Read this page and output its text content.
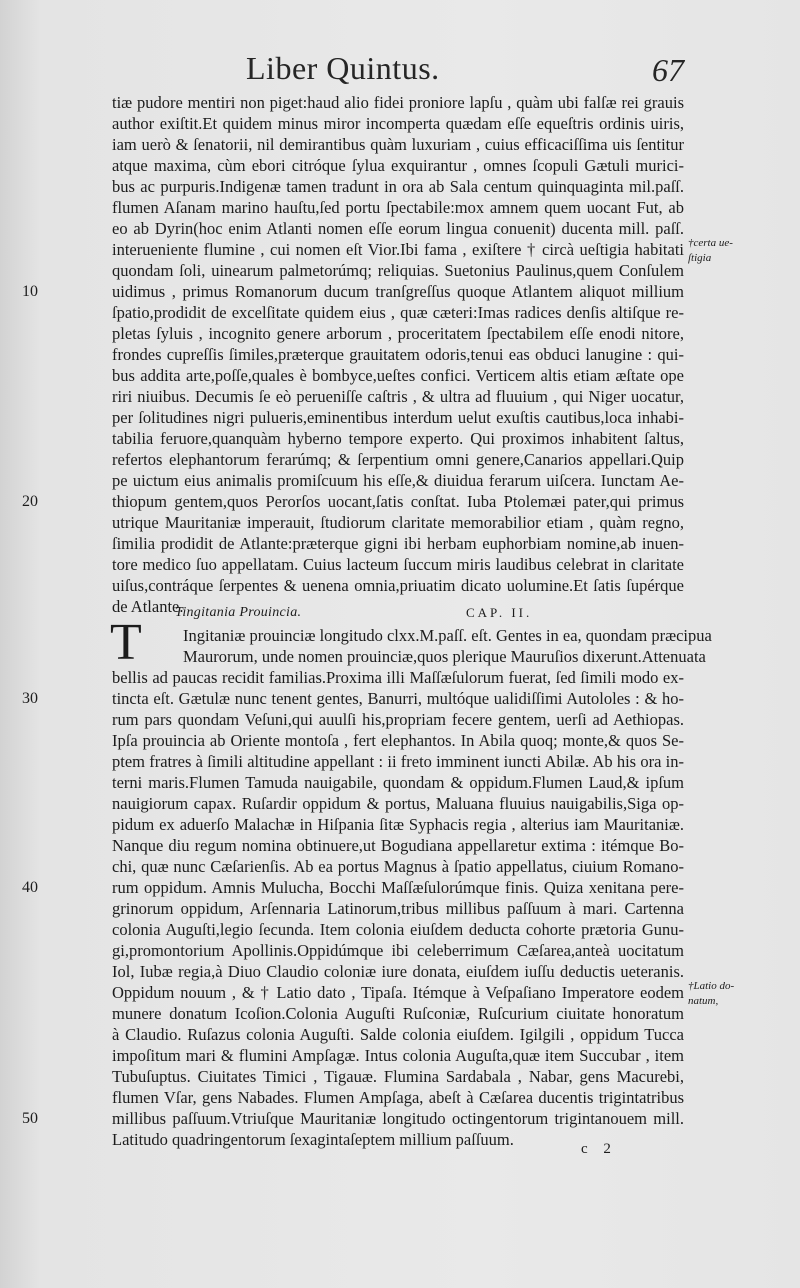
Liber Quintus.	67
tiæ pudore mentiri non piget:haud alio fidei proniore lapſu , quàm ubi falſæ rei grauis
author exiſtit.Et quidem minus miror incomperta quædam eſſe equeſtris ordinis uiris,
iam uerò & ſenatorii, nil demirantibus quàm luxuriam , cuius efficaciſſima uis ſentitur
atque maxima, cùm ebori citróque ſylua exquirantur , omnes ſcopuli Gætuli murici-
bus ac purpuris.Indigenæ tamen tradunt in ora ab Sala centum quinquaginta mil.paſſ.
flumen Aſanam marino hauſtu,ſed portu ſpectabile:mox amnem quem uocant Fut, ab
eo ab Dyrin(hoc enim Atlanti nomen eſſe eorum lingua conuenit) ducenta mill. paſſ.
interueniente flumine , cui nomen eſt Vior.Ibi fama , exiſtere † circà ueſtigia habitati
quondam ſoli, uinearum palmetorúmq; reliquias. Suetonius Paulinus,quem Conſulem
uidimus , primus Romanorum ducum tranſgreſſus quoque Atlantem aliquot millium
ſpatio,prodidit de excelſitate quidem eius , quæ cæteri:Imas radices denſis altiſque re-
pletas ſyluis , incognito genere arborum , proceritatem ſpectabilem eſſe enodi nitore,
frondes cupreſſis ſimiles,præterque grauitatem odoris,tenui eas obduci lanugine : qui-
bus addita arte,poſſe,quales è bombyce,ueſtes confici. Verticem altis etiam æſtate ope
riri niuibus. Decumis ſe eò perueniſſe caſtris , & ultra ad fluuium , qui Niger uocatur,
per ſolitudines nigri pulueris,eminentibus interdum uelut exuſtis cautibus,loca inhabi-
tabilia feruore,quanquàm hyberno tempore experto. Qui proximos inhabitent ſaltus,
refertos elephantorum ferarúmq; & ſerpentium omni genere,Canarios appellari.Quip
pe uictum eius animalis promiſcuum his eſſe,& diuidua ferarum uiſcera. Iunctam Ae-
thiopum gentem,quos Perorſos uocant,ſatis conſtat. Iuba Ptolemæi pater,qui primus
utrique Mauritaniæ imperauit, ſtudiorum claritate memorabilior etiam , quàm regno,
ſimilia prodidit de Atlante:præterque gigni ibi herbam euphorbiam nomine,ab inuen-
tore medico ſuo appellatam. Cuius lacteum ſuccum miris laudibus celebrat in claritate
uiſus,contráque ſerpentes & uenena omnia,priuatim dicato uolumine.Et ſatis ſupérque
de Atlante.
Tingitania Prouincia.	CAP. II.
T Ingitaniæ prouinciæ longitudo clxx.M.paſſ. eſt. Gentes in ea, quondam præcipua
Maurorum, unde nomen prouinciæ,quos plerique Mauruſios dixerunt.Attenuata
bellis ad paucas recidit familias.Proxima illi Maſſæſulorum fuerat, ſed ſimili modo ex-
tincta eſt. Gætulæ nunc tenent gentes, Banurri, multóque ualidiſſimi Autololes : & ho-
rum pars quondam Veſuni,qui auulſi his,propriam fecere gentem, uerſi ad Aethiopas.
Ipſa prouincia ab Oriente montoſa , fert elephantos. In Abila quoq; monte,& quos Se-
ptem fratres à ſimili altitudine appellant : ii freto imminent iuncti Abilæ. Ab his ora in-
terni maris.Flumen Tamuda nauigabile, quondam & oppidum.Flumen Laud,& ipſum
nauigiorum capax. Ruſardir oppidum & portus, Maluana fluuius nauigabilis,Siga op-
pidum ex aduerſo Malachæ in Hiſpania ſitæ Syphacis regia , alterius iam Mauritaniæ.
Nanque diu regum nomina obtinuere,ut Bogudiana appellaretur extima : itémque Bo-
chi, quæ nunc Cæſarienſis. Ab ea portus Magnus à ſpatio appellatus, ciuium Romano-
rum oppidum. Amnis Mulucha, Bocchi Maſſæſulorúmque finis. Quiza xenitana pere-
grinorum oppidum, Arſennaria Latinorum,tribus millibus paſſuum à mari. Cartenna
colonia Auguſti,legio ſecunda. Item colonia eiuſdem deducta cohorte prætoria Gunu-
gi,promontorium Apollinis.Oppidúmque ibi celeberrimum Cæſarea,anteà uocitatum
Iol, Iubæ regia,à Diuo Claudio coloniæ iure donata, eiuſdem iuſſu deductis ueteranis.
Oppidum nouum , & † Latio dato , Tipaſa. Itémque à Veſpaſiano Imperatore eodem
munere donatum Icoſion.Colonia Auguſti Ruſconiæ, Ruſcurium ciuitate honoratum
à Claudio. Ruſazus colonia Auguſti. Salde colonia eiuſdem. Igilgili , oppidum Tucca
impoſitum mari & flumini Ampſagæ. Intus colonia Auguſta,quæ item Succubar , item
Tubuſuptus. Ciuitates Timici , Tigauæ. Flumina Sardabala , Nabar, gens Macurebi,
flumen Vſar, gens Nabades. Flumen Ampſaga, abeſt à Cæſarea ducentis trigintatribus
millibus paſſuum.Vtriuſque Mauritaniæ longitudo octingentorum trigintanouem mill.
Latitudo quadringentorum ſexagintaſeptem millium paſſuum.
10
20
30
40
50
†certa ue-
ſtigia
†Latio do-
natum,
c 2
